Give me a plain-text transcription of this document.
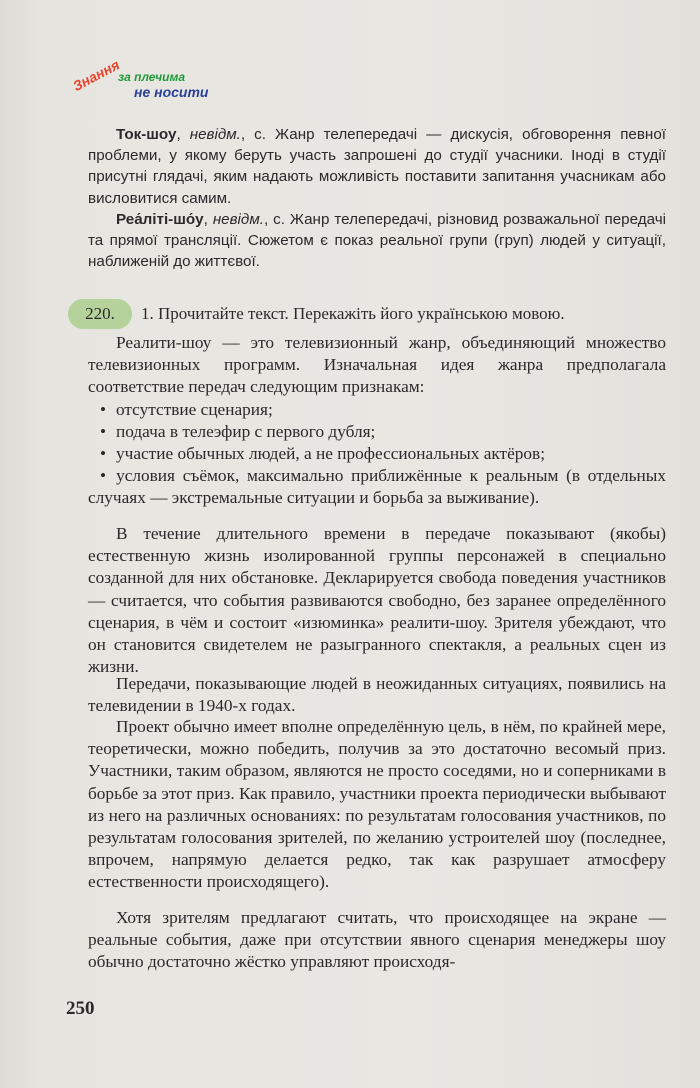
Знання
за плечима
не носити

Ток-шоу, невідм., с. Жанр телепередачі — дискусія, обговорення певної проблеми, у якому беруть участь запрошені до студії учасники. Іноді в студії присутні глядачі, яким надають можливість поставити запитання учасникам або висловитися самим.

Реа́літі-шо́у, невідм., с. Жанр телепередачі, різновид розважальної передачі та прямої трансляції. Сюжетом є показ реальної групи (груп) людей у ситуації, наближеній до життєвої.

220.	1. Прочитайте текст. Перекажіть його українською мовою.
Реалити-шоу — это телевизионный жанр, объединяющий множество телевизионных программ. Изначальная идея жанра предполагала соответствие передач следующим признакам:
• отсутствие сценария;
• подача в телеэфир с первого дубля;
• участие обычных людей, а не профессиональных актёров;
• условия съёмок, максимально приближённые к реальным (в отдельных случаях — экстремальные ситуации и борьба за выживание).

В течение длительного времени в передаче показывают (якобы) естественную жизнь изолированной группы персонажей в специально созданной для них обстановке. Декларируется свобода поведения участников — считается, что события развиваются свободно, без заранее определённого сценария, в чём и состоит «изюминка» реалити-шоу. Зрителя убеждают, что он становится свидетелем не разыгранного спектакля, а реальных сцен из жизни.

Передачи, показывающие людей в неожиданных ситуациях, появились на телевидении в 1940-х годах.

Проект обычно имеет вполне определённую цель, в нём, по крайней мере, теоретически, можно победить, получив за это достаточно весомый приз. Участники, таким образом, являются не просто соседями, но и соперниками в борьбе за этот приз. Как правило, участники проекта периодически выбывают из него на различных основаниях: по результатам голосования участников, по результатам голосования зрителей, по желанию устроителей шоу (последнее, впрочем, напрямую делается редко, так как разрушает атмосферу естественности происходящего).

Хотя зрителям предлагают считать, что происходящее на экране — реальные события, даже при отсутствии явного сценария менеджеры шоу обычно достаточно жёстко управляют происходя-

250
